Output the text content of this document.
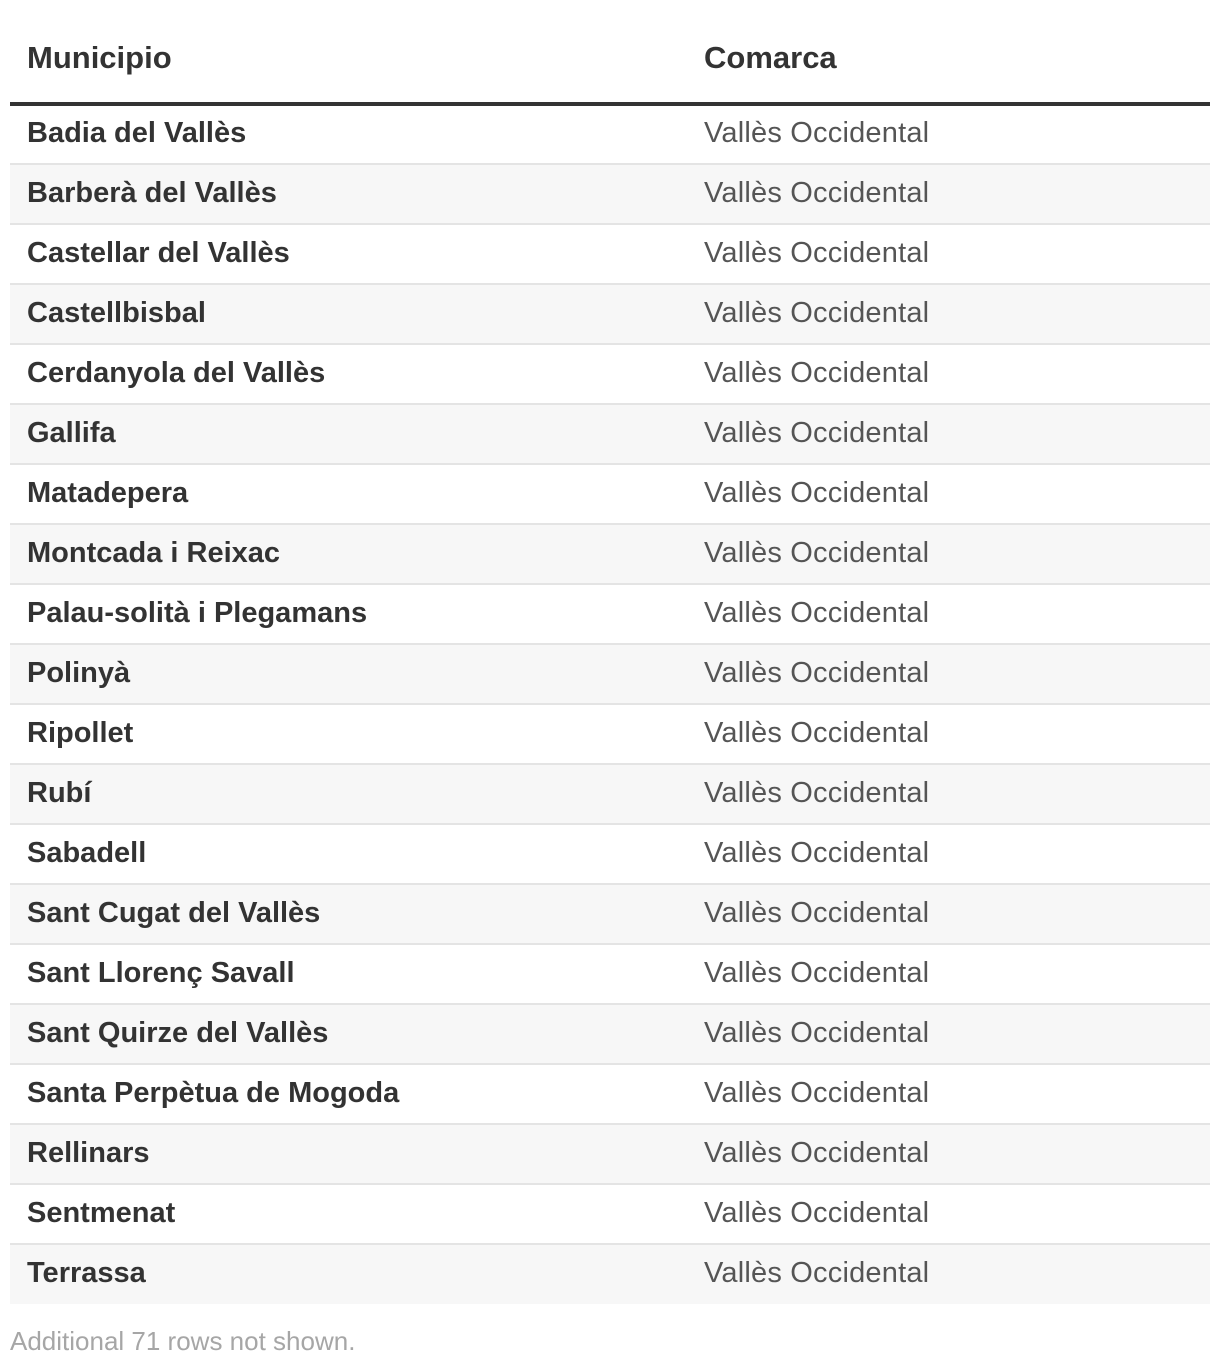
Municipio	Comarca
Badia del Vallès	Vallès Occidental
Barberà del Vallès	Vallès Occidental
Castellar del Vallès	Vallès Occidental
Castellbisbal	Vallès Occidental
Cerdanyola del Vallès	Vallès Occidental
Gallifa	Vallès Occidental
Matadepera	Vallès Occidental
Montcada i Reixac	Vallès Occidental
Palau-solità i Plegamans	Vallès Occidental
Polinyà	Vallès Occidental
Ripollet	Vallès Occidental
Rubí	Vallès Occidental
Sabadell	Vallès Occidental
Sant Cugat del Vallès	Vallès Occidental
Sant Llorenç Savall	Vallès Occidental
Sant Quirze del Vallès	Vallès Occidental
Santa Perpètua de Mogoda	Vallès Occidental
Rellinars	Vallès Occidental
Sentmenat	Vallès Occidental
Terrassa	Vallès Occidental
Additional 71 rows not shown.
